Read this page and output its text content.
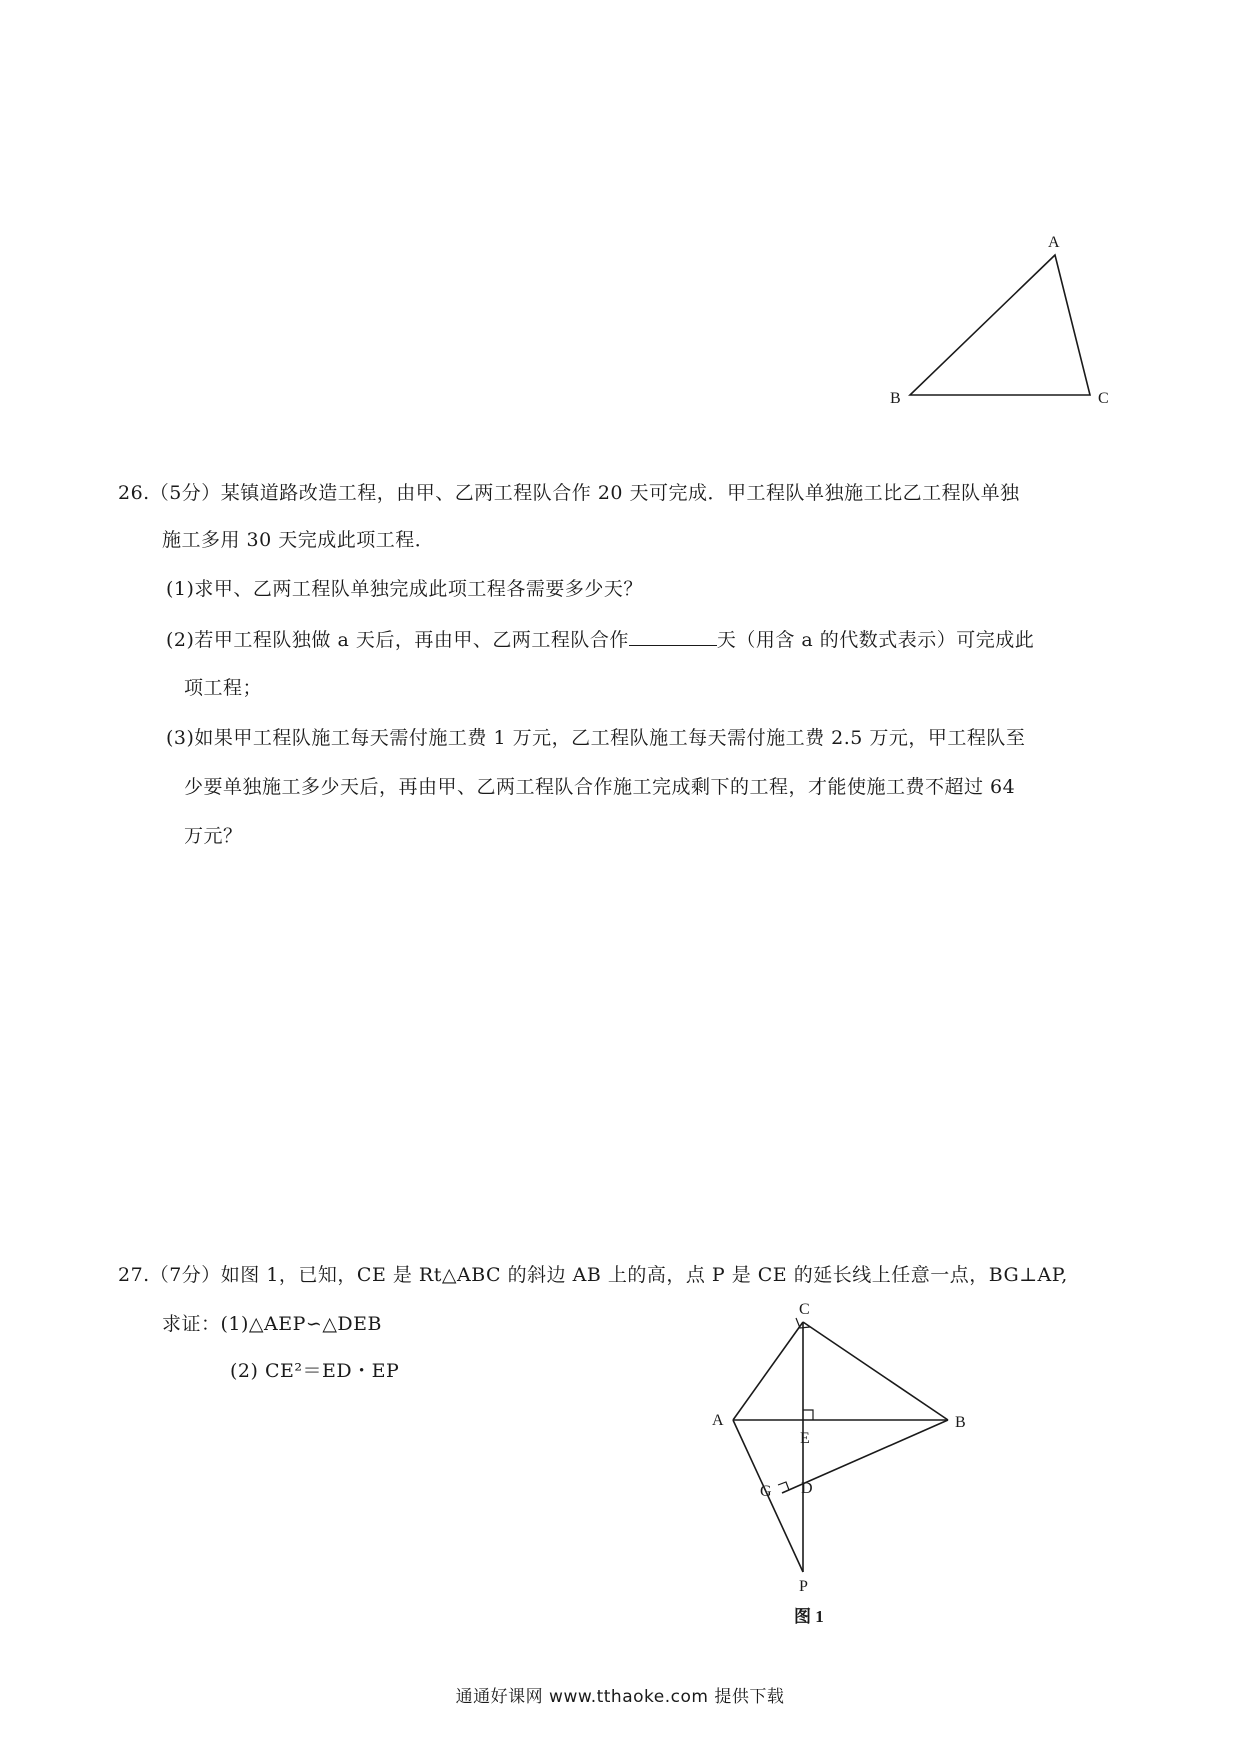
A
B	C
26.（5分）某镇道路改造工程，由甲、乙两工程队合作 20 天可完成．甲工程队单独施工比乙工程队单独
施工多用 30 天完成此项工程．
(1)求甲、乙两工程队单独完成此项工程各需要多少天？
(2)若甲工程队独做 a 天后，再由甲、乙两工程队合作	天（用含 a 的代数式表示）可完成此
项工程；
(3)如果甲工程队施工每天需付施工费 1 万元，乙工程队施工每天需付施工费 2.5 万元，甲工程队至
少要单独施工多少天后，再由甲、乙两工程队合作施工完成剩下的工程，才能使施工费不超过 64
万元？
27.（7分）如图 1，已知，CE 是 Rt△ABC 的斜边 AB 上的高，点 P 是 CE 的延长线上任意一点，BG⊥AP,
求证：(1)△AEP∽△DEB
(2) CE²＝ED・EP
C
A	B
E
D
G
P
图 1
通通好课网 www.tthaoke.com 提供下载
